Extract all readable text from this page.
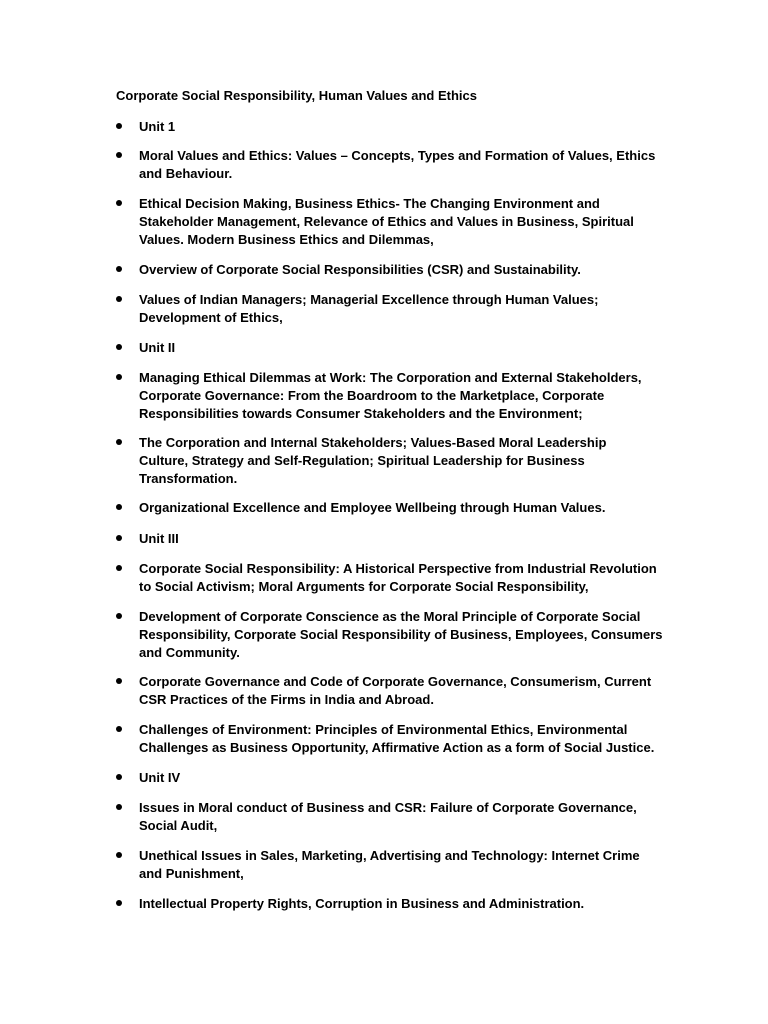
Corporate Social Responsibility, Human Values and Ethics
Unit 1
Moral Values and Ethics: Values – Concepts, Types and Formation of Values, Ethics
and Behaviour.
Ethical Decision Making, Business Ethics- The Changing Environment and
Stakeholder Management, Relevance of Ethics and Values in Business, Spiritual
Values. Modern Business Ethics and Dilemmas,
Overview of Corporate Social Responsibilities (CSR) and Sustainability.
Values of Indian Managers; Managerial Excellence through Human Values;
Development of Ethics,
Unit II
Managing Ethical Dilemmas at Work: The Corporation and External Stakeholders,
Corporate Governance: From the Boardroom to the Marketplace, Corporate
Responsibilities towards Consumer Stakeholders and the Environment;
The Corporation and Internal Stakeholders; Values-Based Moral Leadership
Culture, Strategy and Self-Regulation; Spiritual Leadership for Business
Transformation.
Organizational Excellence and Employee Wellbeing through Human Values.
Unit III
Corporate Social Responsibility: A Historical Perspective from Industrial Revolution
to Social Activism; Moral Arguments for Corporate Social Responsibility,
Development of Corporate Conscience as the Moral Principle of Corporate Social
Responsibility, Corporate Social Responsibility of Business, Employees, Consumers
and Community.
Corporate Governance and Code of Corporate Governance, Consumerism, Current
CSR Practices of the Firms in India and Abroad.
Challenges of Environment: Principles of Environmental Ethics, Environmental
Challenges as Business Opportunity, Affirmative Action as a form of Social Justice.
Unit IV
Issues in Moral conduct of Business and CSR: Failure of Corporate Governance,
Social Audit,
Unethical Issues in Sales, Marketing, Advertising and Technology: Internet Crime
and Punishment,
Intellectual Property Rights, Corruption in Business and Administration.
